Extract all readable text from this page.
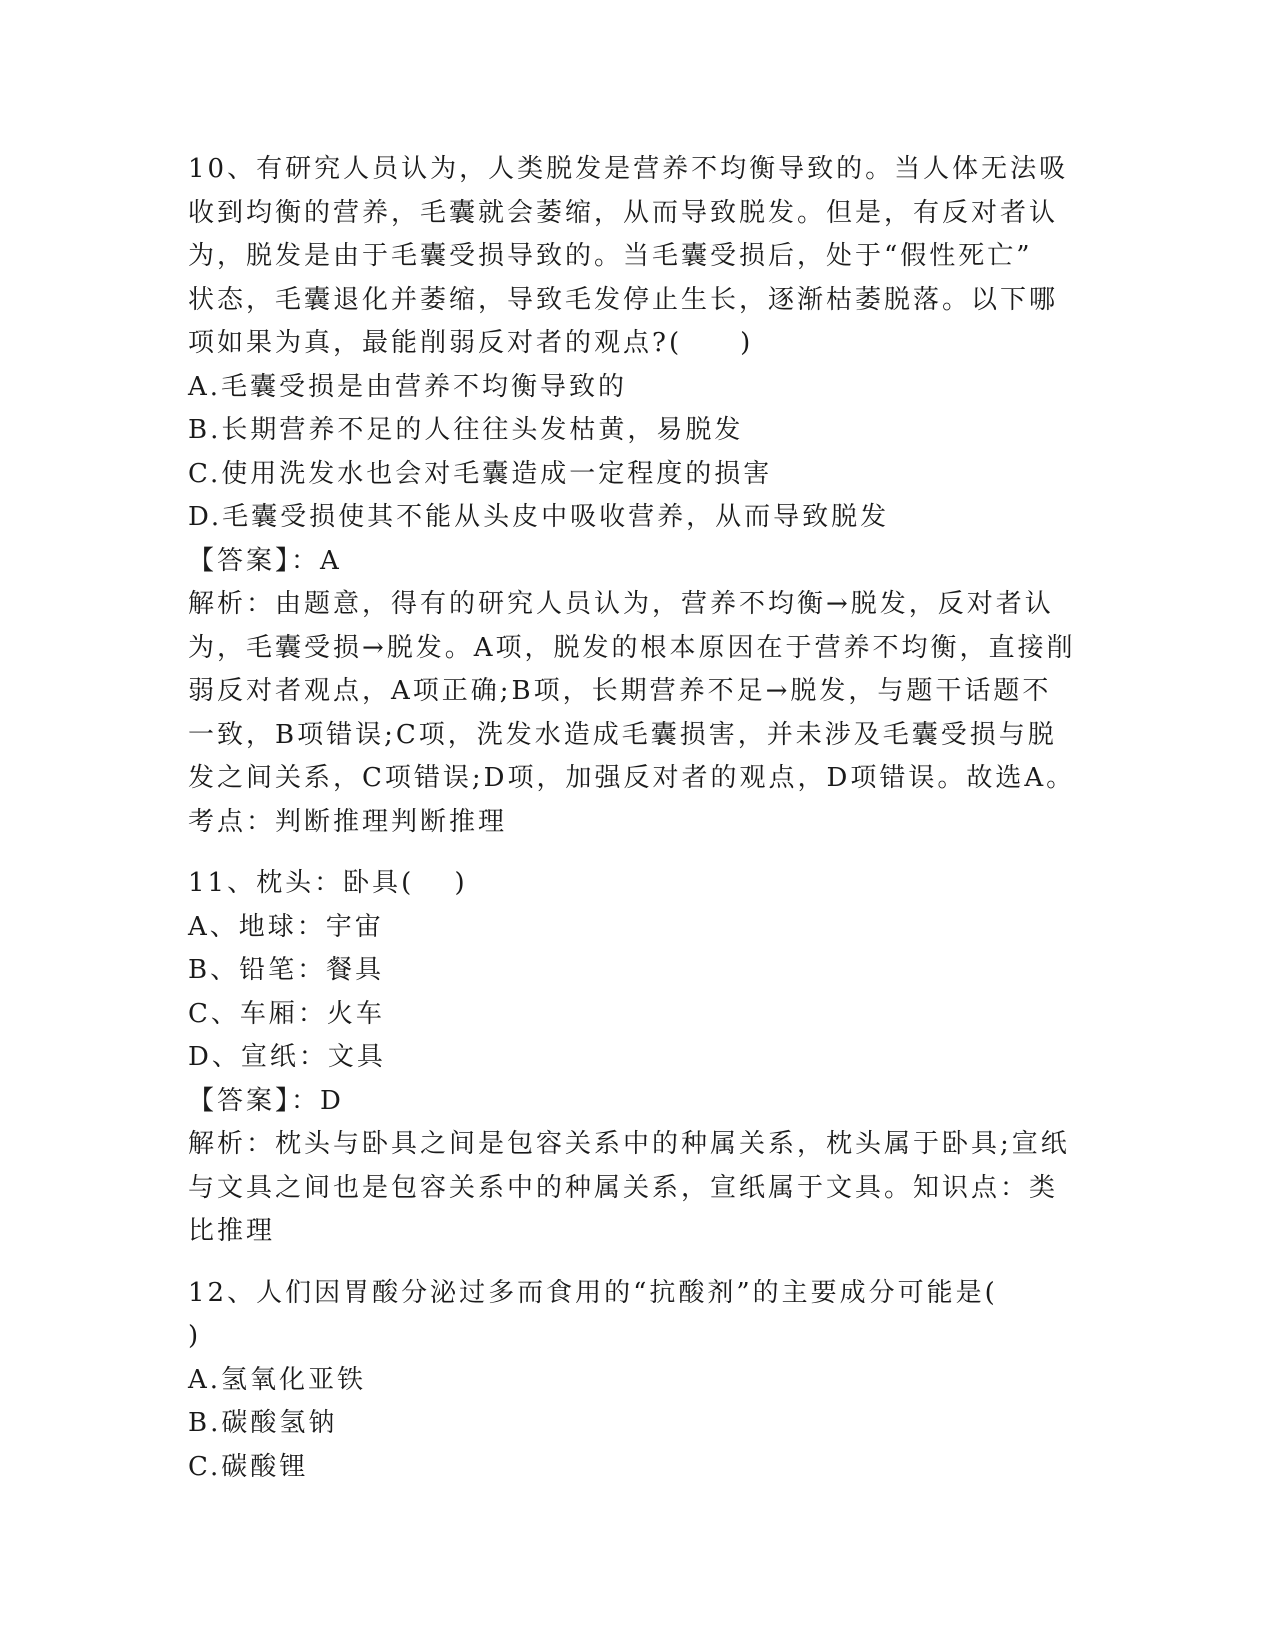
10、有研究人员认为，人类脱发是营养不均衡导致的。当人体无法吸
收到均衡的营养，毛囊就会萎缩，从而导致脱发。但是，有反对者认
为，脱发是由于毛囊受损导致的。当毛囊受损后，处于“假性死亡”
状态，毛囊退化并萎缩，导致毛发停止生长，逐渐枯萎脱落。以下哪
项如果为真，最能削弱反对者的观点?(　　)
A.毛囊受损是由营养不均衡导致的
B.长期营养不足的人往往头发枯黄，易脱发
C.使用洗发水也会对毛囊造成一定程度的损害
D.毛囊受损使其不能从头皮中吸收营养，从而导致脱发
【答案】：A
解析：由题意，得有的研究人员认为，营养不均衡→脱发，反对者认
为，毛囊受损→脱发。A项，脱发的根本原因在于营养不均衡，直接削
弱反对者观点，A项正确;B项，长期营养不足→脱发，与题干话题不
一致，B项错误;C项，洗发水造成毛囊损害，并未涉及毛囊受损与脱
发之间关系，C项错误;D项，加强反对者的观点，D项错误。故选A。
考点：判断推理判断推理
11、枕头：卧具(　 )
A、地球：宇宙
B、铅笔：餐具
C、车厢：火车
D、宣纸：文具
【答案】：D
解析：枕头与卧具之间是包容关系中的种属关系，枕头属于卧具;宣纸
与文具之间也是包容关系中的种属关系，宣纸属于文具。知识点：类
比推理
12、人们因胃酸分泌过多而食用的“抗酸剂”的主要成分可能是(
)
A.氢氧化亚铁
B.碳酸氢钠
C.碳酸锂
